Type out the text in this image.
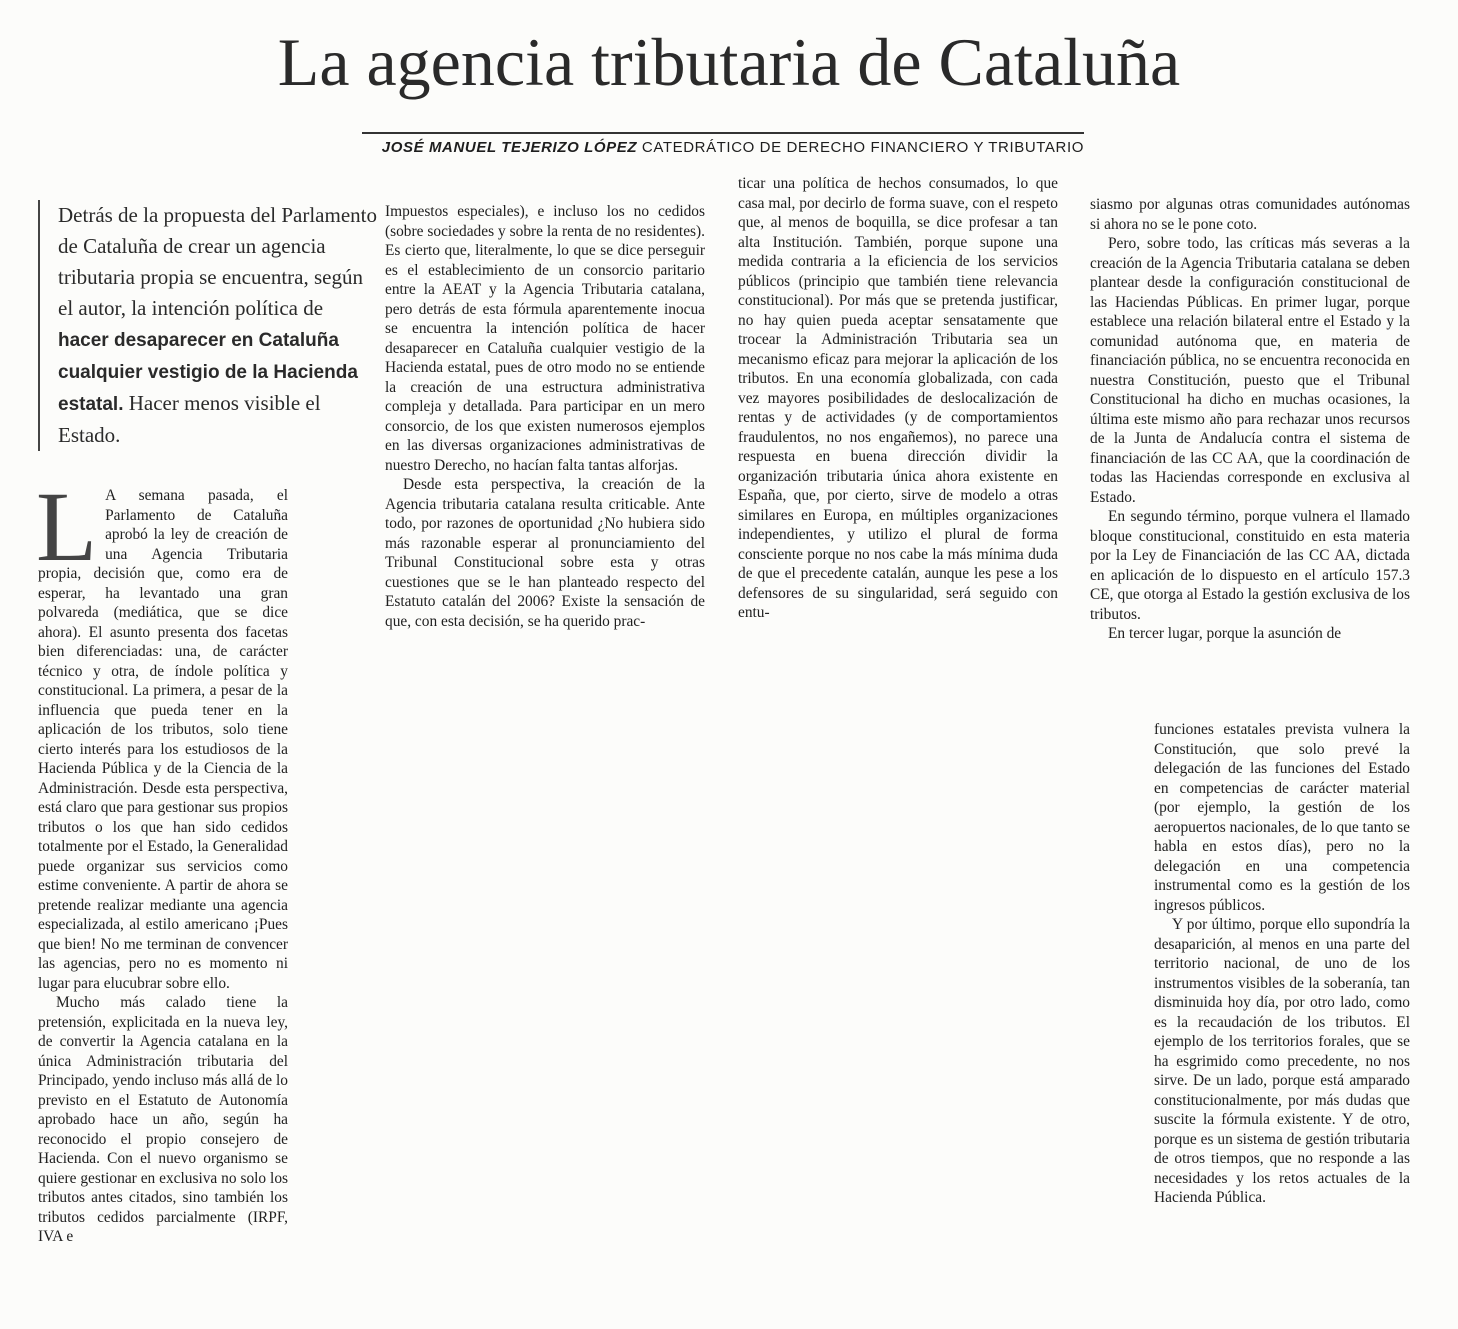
La agencia tributaria de Cataluña
JOSÉ MANUEL TEJERIZO LÓPEZ CATEDRÁTICO DE DERECHO FINANCIERO Y TRIBUTARIO
Detrás de la propuesta del Parlamento de Cataluña de crear un agencia tributaria propia se encuentra, según el autor, la intención política de hacer desaparecer en Cataluña cualquier vestigio de la Hacienda estatal. Hacer menos visible el Estado.

L A semana pasada, el Parlamento de Cataluña aprobó la ley de creación de una Agencia Tributaria propia, decisión que, como era de esperar, ha levantado una gran polvareda (mediática, que se dice ahora). El asunto presenta dos facetas bien diferenciadas: una, de carácter técnico y otra, de índole política y constitucional. La primera, a pesar de la influencia que pueda tener en la aplicación de los tributos, solo tiene cierto interés para los estudiosos de la Hacienda Pública y de la Ciencia de la Administración. Desde esta perspectiva, está claro que para gestionar sus propios tributos o los que han sido cedidos totalmente por el Estado, la Generalidad puede organizar sus servicios como estime conveniente. A partir de ahora se pretende realizar mediante una agencia especializada, al estilo americano ¡Pues que bien! No me terminan de convencer las agencias, pero no es momento ni lugar para elucubrar sobre ello.

Mucho más calado tiene la pretensión, explicitada en la nueva ley, de convertir la Agencia catalana en la única Administración tributaria del Principado, yendo incluso más allá de lo previsto en el Estatuto de Autonomía aprobado hace un año, según ha reconocido el propio consejero de Hacienda. Con el nuevo organismo se quiere gestionar en exclusiva no solo los tributos antes citados, sino también los tributos cedidos parcialmente (IRPF, IVA e

Impuestos especiales), e incluso los no cedidos (sobre sociedades y sobre la renta de no residentes). Es cierto que, literalmente, lo que se dice perseguir es el establecimiento de un consorcio paritario entre la AEAT y la Agencia Tributaria catalana, pero detrás de esta fórmula aparentemente inocua se encuentra la intención política de hacer desaparecer en Cataluña cualquier vestigio de la Hacienda estatal, pues de otro modo no se entiende la creación de una estructura administrativa compleja y detallada. Para participar en un mero consorcio, de los que existen numerosos ejemplos en las diversas organizaciones administrativas de nuestro Derecho, no hacían falta tantas alforjas.

Desde esta perspectiva, la creación de la Agencia tributaria catalana resulta criticable. Ante todo, por razones de oportunidad ¿No hubiera sido más razonable esperar al pronunciamiento del Tribunal Constitucional sobre esta y otras cuestiones que se le han planteado respecto del Estatuto catalán del 2006? Existe la sensación de que, con esta decisión, se ha querido prac-

ticar una política de hechos consumados, lo que casa mal, por decirlo de forma suave, con el respeto que, al menos de boquilla, se dice profesar a tan alta Institución. También, porque supone una medida contraria a la eficiencia de los servicios públicos (principio que también tiene relevancia constitucional). Por más que se pretenda justificar, no hay quien pueda aceptar sensatamente que trocear la Administración Tributaria sea un mecanismo eficaz para mejorar la aplicación de los tributos. En una economía globalizada, con cada vez mayores posibilidades de deslocalización de rentas y de actividades (y de comportamientos fraudulentos, no nos engañemos), no parece una respuesta en buena dirección dividir la organización tributaria única ahora existente en España, que, por cierto, sirve de modelo a otras similares en Europa, en múltiples organizaciones independientes, y utilizo el plural de forma consciente porque no nos cabe la más mínima duda de que el precedente catalán, aunque les pese a los defensores de su singularidad, será seguido con entu-

siasmo por algunas otras comunidades autónomas si ahora no se le pone coto.

Pero, sobre todo, las críticas más severas a la creación de la Agencia Tributaria catalana se deben plantear desde la configuración constitucional de las Haciendas Públicas. En primer lugar, porque establece una relación bilateral entre el Estado y la comunidad autónoma que, en materia de financiación pública, no se encuentra reconocida en nuestra Constitución, puesto que el Tribunal Constitucional ha dicho en muchas ocasiones, la última este mismo año para rechazar unos recursos de la Junta de Andalucía contra el sistema de financiación de las CC AA, que la coordinación de todas las Haciendas corresponde en exclusiva al Estado.

En segundo término, porque vulnera el llamado bloque constitucional, constituido en esta materia por la Ley de Financiación de las CC AA, dictada en aplicación de lo dispuesto en el artículo 157.3 CE, que otorga al Estado la gestión exclusiva de los tributos.

En tercer lugar, porque la asunción de

funciones estatales prevista vulnera la Constitución, que solo prevé la delegación de las funciones del Estado en competencias de carácter material (por ejemplo, la gestión de los aeropuertos nacionales, de lo que tanto se habla en estos días), pero no la delegación en una competencia instrumental como es la gestión de los ingresos públicos.

Y por último, porque ello supondría la desaparición, al menos en una parte del territorio nacional, de uno de los instrumentos visibles de la soberanía, tan disminuida hoy día, por otro lado, como es la recaudación de los tributos. El ejemplo de los territorios forales, que se ha esgrimido como precedente, no nos sirve. De un lado, porque está amparado constitucionalmente, por más dudas que suscite la fórmula existente. Y de otro, porque es un sistema de gestión tributaria de otros tiempos, que no responde a las necesidades y los retos actuales de la Hacienda Pública.
